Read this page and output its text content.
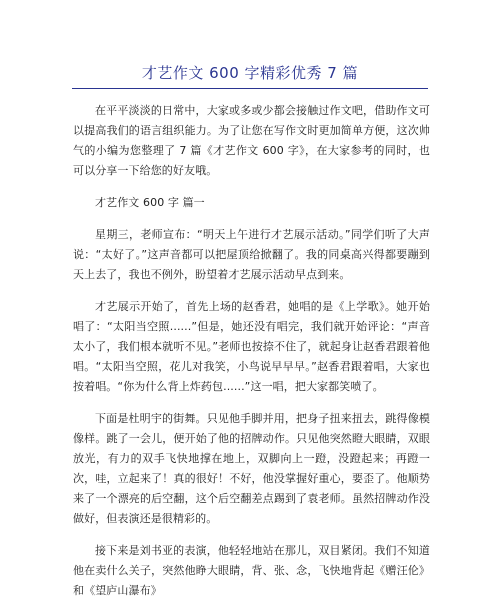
才艺作文 600 字精彩优秀 7 篇

在平平淡淡的日常中，大家或多或少都会接触过作文吧，借助作文可以提高我们的语言组织能力。为了让您在写作文时更加简单方便，这次帅气的小编为您整理了 7 篇《才艺作文 600 字》，在大家参考的同时，也可以分享一下给您的好友哦。

才艺作文 600 字 篇一

星期三，老师宣布：“明天上午进行才艺展示活动。”同学们听了大声说：“太好了。”这声音都可以把屋顶给掀翻了。我的同桌高兴得都要蹦到天上去了，我也不例外，盼望着才艺展示活动早点到来。

才艺展示开始了，首先上场的赵香君，她唱的是《上学歌》。她开始唱了：“太阳当空照......”但是，她还没有唱完，我们就开始评论：“声音太小了，我们根本就听不见。”老师也按捺不住了，就起身让赵香君跟着他唱。“太阳当空照，花儿对我笑，小鸟说早早早。”赵香君跟着唱，大家也按着唱。“你为什么背上炸药包......”这一唱，把大家都笑喷了。

下面是杜明宇的街舞。只见他手脚并用，把身子扭来扭去，跳得像模像样。跳了一会儿，便开始了他的招牌动作。只见他突然瞪大眼睛，双眼放光，有力的双手飞快地撑在地上，双脚向上一蹬，没蹬起来；再蹬一次，哇，立起来了！真的很好！不好，他没掌握好重心，要歪了。他顺势来了一个漂亮的后空翻，这个后空翻差点踢到了袁老师。虽然招牌动作没做好，但表演还是很精彩的。

接下来是刘书亚的表演，他轻轻地站在那儿，双目紧闭。我们不知道他在卖什么关子，突然他睁大眼睛，背、张、念，飞快地背起《赠汪伦》和《望庐山瀑布》
